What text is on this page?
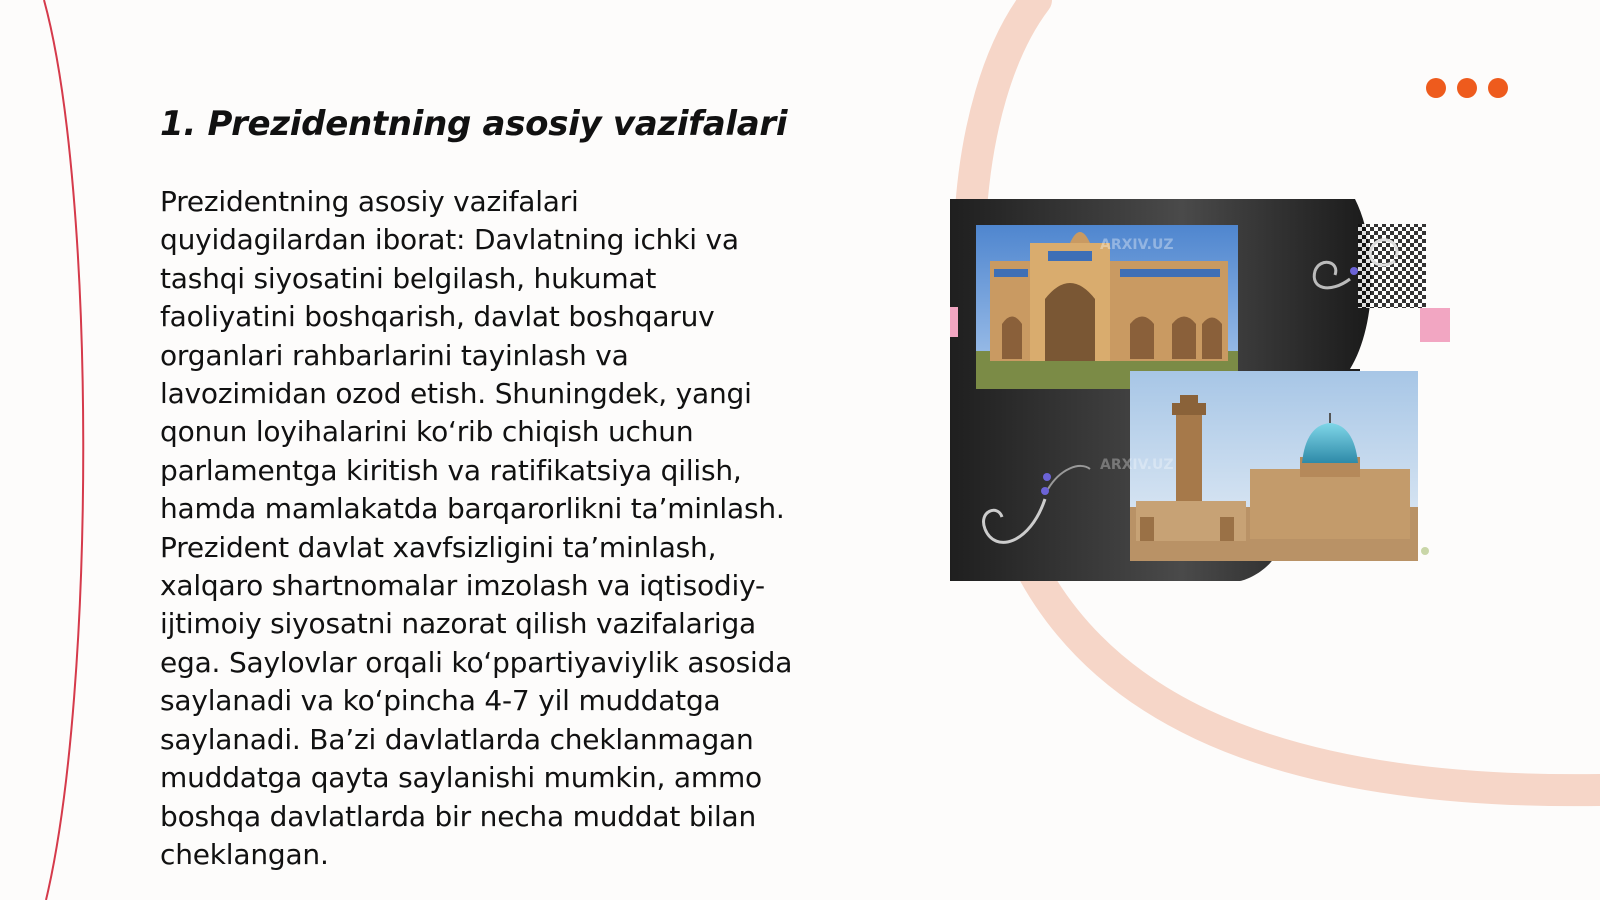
1. Prezidentning asosiy vazifalari
Prezidentning asosiy vazifalari
quyidagilardan iborat: Davlatning ichki va
tashqi siyosatini belgilash, hukumat
faoliyatini boshqarish, davlat boshqaruv
organlari rahbarlarini tayinlash va
lavozimidan ozod etish. Shuningdek, yangi
qonun loyihalarini ko‘rib chiqish uchun
parlamentga kiritish va ratifikatsiya qilish,
hamda mamlakatda barqarorlikni ta’minlash.
Prezident davlat xavfsizligini ta’minlash,
xalqaro shartnomalar imzolash va iqtisodiy-
ijtimoiy siyosatni nazorat qilish vazifalariga
ega. Saylovlar orqali ko‘ppartiyaviylik asosida
saylanadi va ko‘pincha 4-7 yil muddatga
saylanadi. Ba’zi davlatlarda cheklanmagan
muddatga qayta saylanishi mumkin, ammo
boshqa davlatlarda bir necha muddat bilan
cheklangan.
ARXIV.UZ
ARXIV.UZ
